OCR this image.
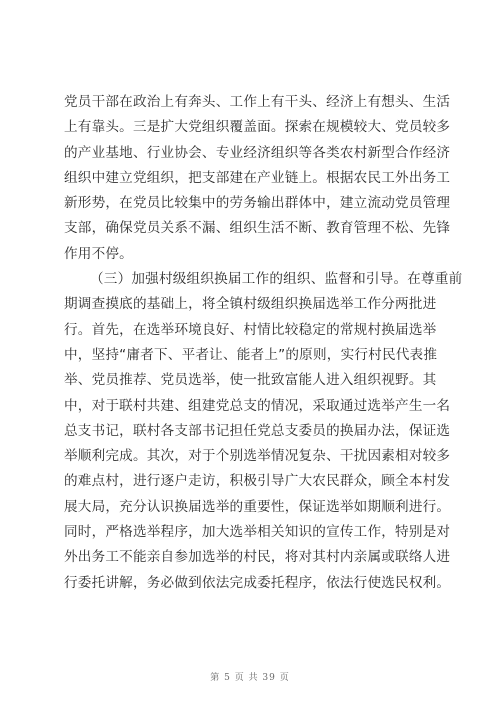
党员干部在政治上有奔头、工作上有干头、经济上有想头、生活
上有靠头。三是扩大党组织覆盖面。探索在规模较大、党员较多
的产业基地、行业协会、专业经济组织等各类农村新型合作经济
组织中建立党组织，把支部建在产业链上。根据农民工外出务工
新形势，在党员比较集中的劳务输出群体中，建立流动党员管理
支部，确保党员关系不漏、组织生活不断、教育管理不松、先锋
作用不停。
（三）加强村级组织换届工作的组织、监督和引导。在尊重前
期调查摸底的基础上，将全镇村级组织换届选举工作分两批进
行。首先，在选举环境良好、村情比较稳定的常规村换届选举
中，坚持“庸者下、平者让、能者上”的原则，实行村民代表推
举、党员推荐、党员选举，使一批致富能人进入组织视野。其
中，对于联村共建、组建党总支的情况，采取通过选举产生一名
总支书记，联村各支部书记担任党总支委员的换届办法，保证选
举顺利完成。其次，对于个别选举情况复杂、干扰因素相对较多
的难点村，进行逐户走访，积极引导广大农民群众，顾全本村发
展大局，充分认识换届选举的重要性，保证选举如期顺利进行。
同时，严格选举程序，加大选举相关知识的宣传工作，特别是对
外出务工不能亲自参加选举的村民，将对其村内亲属或联络人进
行委托讲解，务必做到依法完成委托程序，依法行使选民权利。
第 5 页 共 39 页
